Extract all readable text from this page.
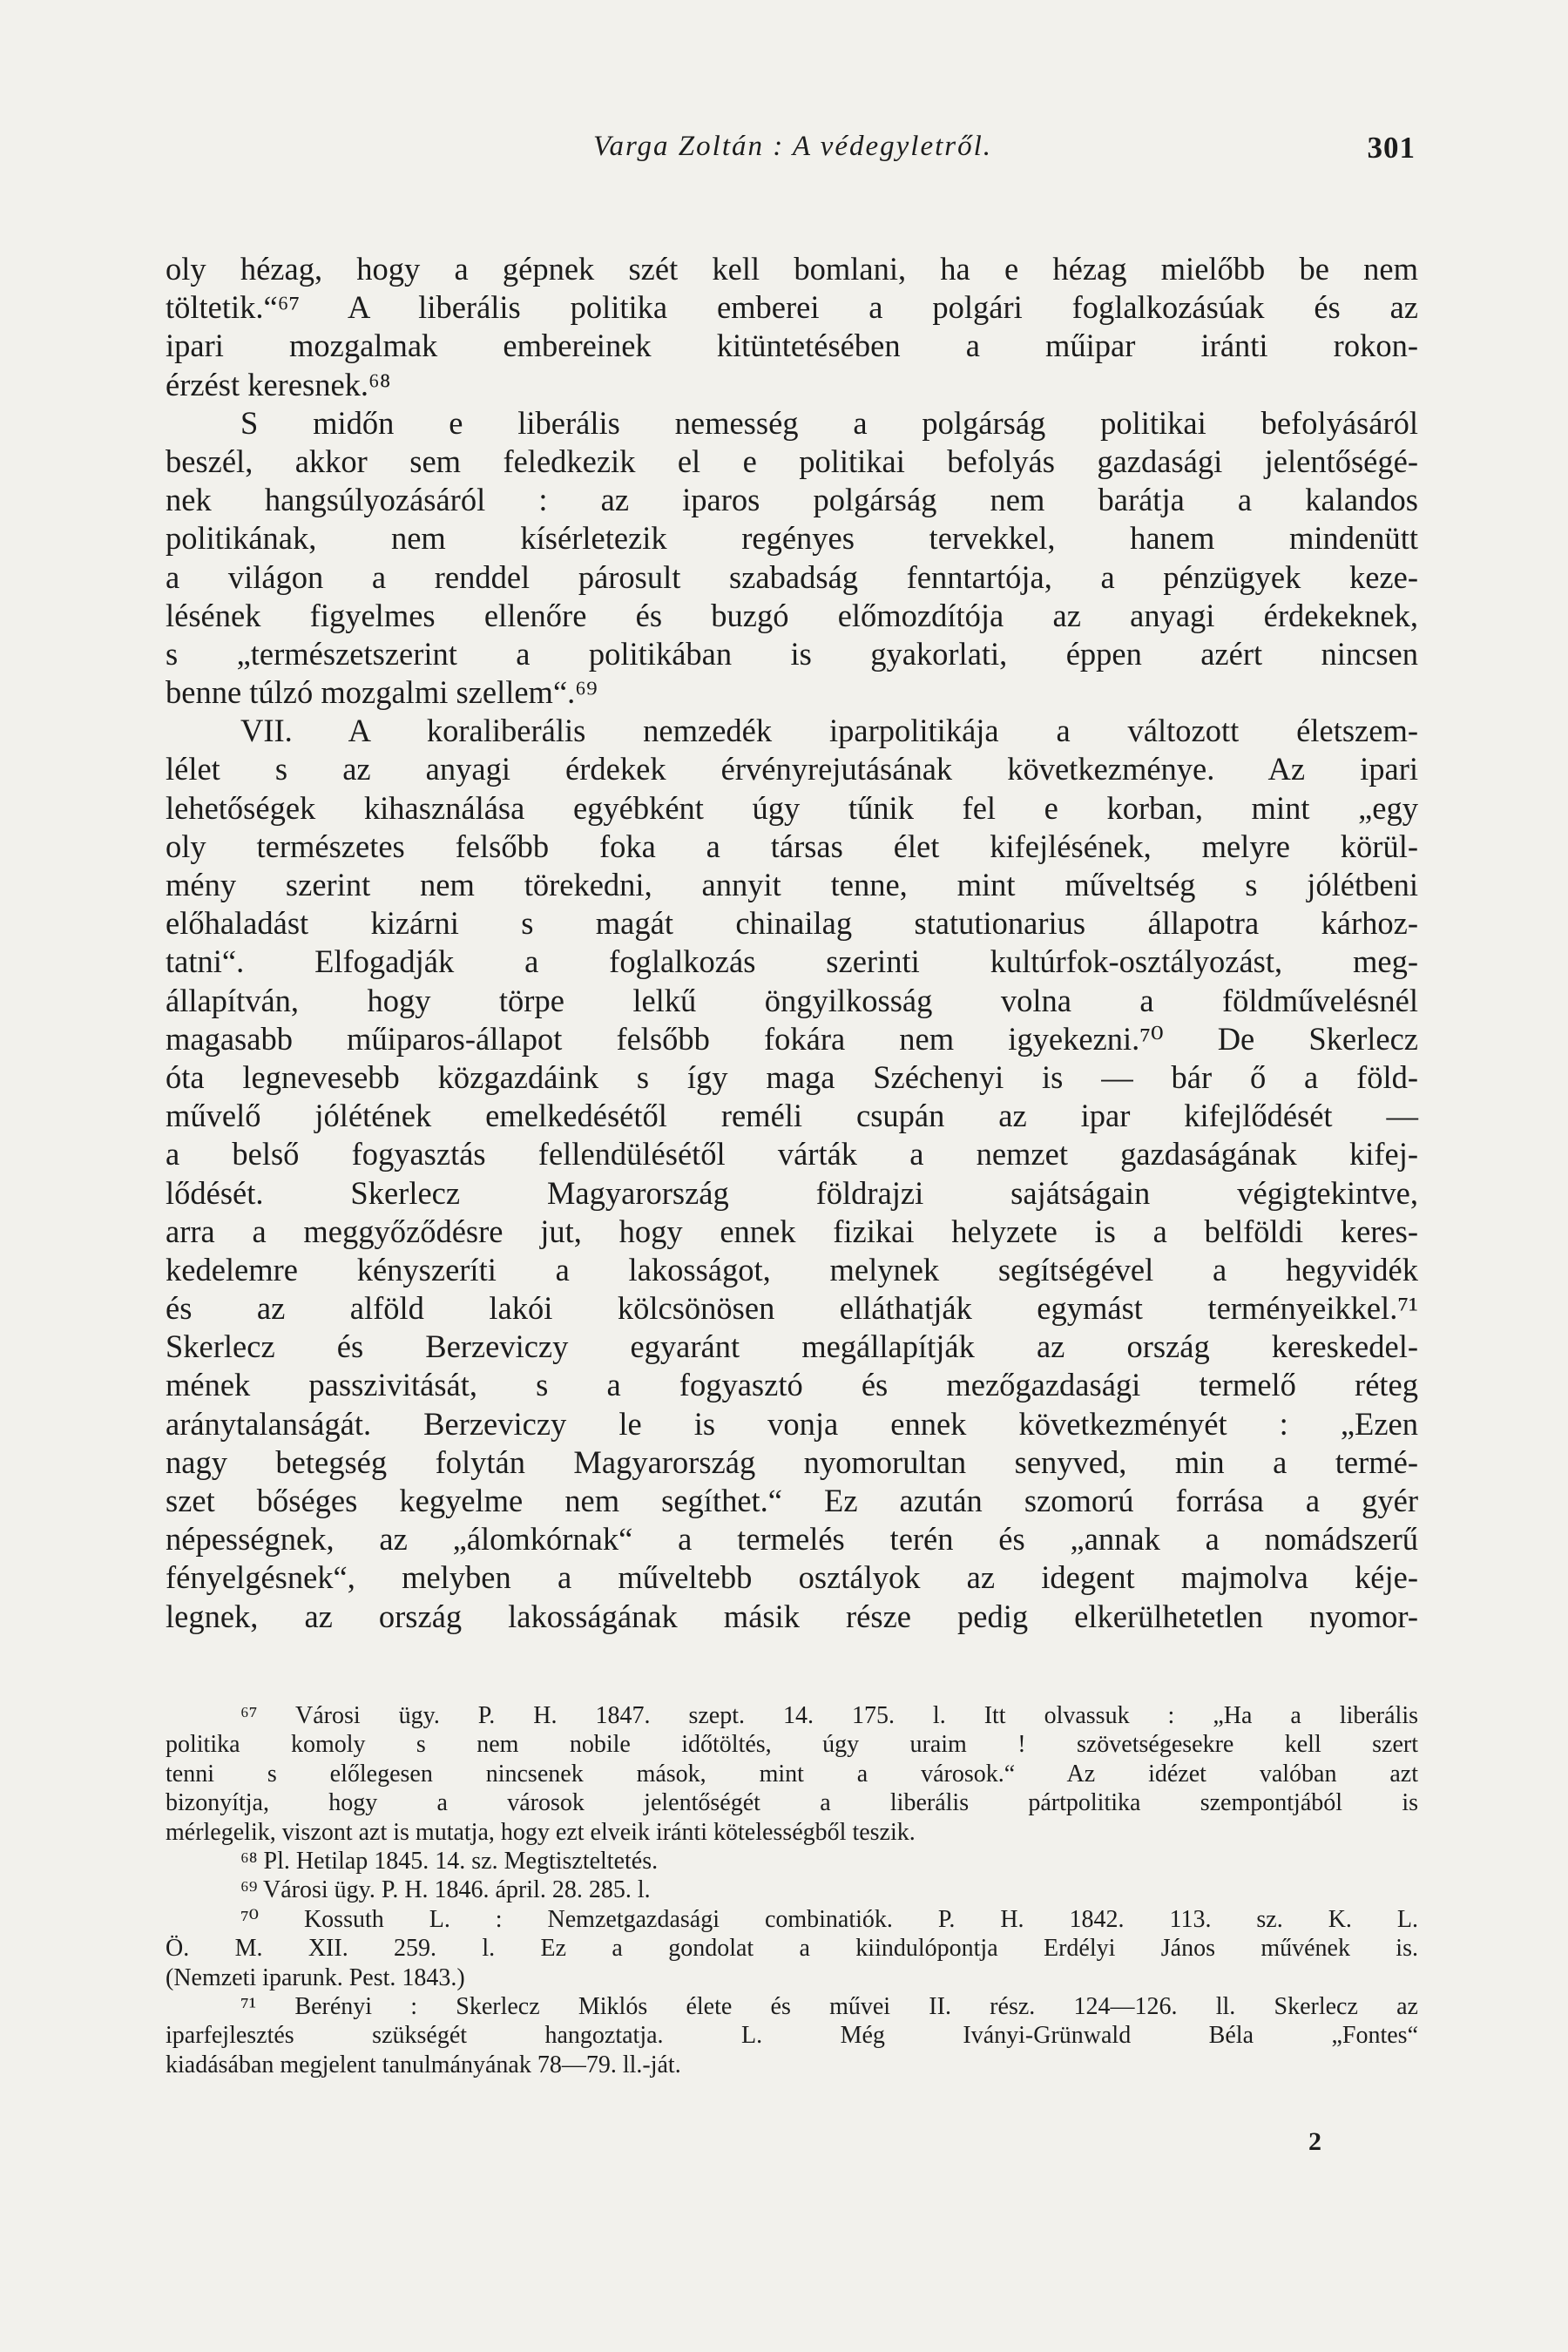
Varga Zoltán : A védegyletről.	301
oly hézag, hogy a gépnek szét kell bomlani, ha e hézag mielőbb be nem
töltetik.“⁶⁷ A liberális politika emberei a polgári foglalkozásúak és az
ipari mozgalmak embereinek kitüntetésében a műipar iránti rokon-
érzést keresnek.⁶⁸
S midőn e liberális nemesség a polgárság politikai befolyásáról
beszél, akkor sem feledkezik el e politikai befolyás gazdasági jelentőségé-
nek hangsúlyozásáról : az iparos polgárság nem barátja a kalandos
politikának, nem kísérletezik regényes tervekkel, hanem mindenütt
a világon a renddel párosult szabadság fenntartója, a pénzügyek keze-
lésének figyelmes ellenőre és buzgó előmozdítója az anyagi érdekeknek,
s „természetszerint a politikában is gyakorlati, éppen azért nincsen
benne túlzó mozgalmi szellem“.⁶⁹
VII. A koraliberális nemzedék iparpolitikája a változott életszem-
lélet s az anyagi érdekek érvényrejutásának következménye. Az ipari
lehetőségek kihasználása egyébként úgy tűnik fel e korban, mint „egy
oly természetes felsőbb foka a társas élet kifejlésének, melyre körül-
mény szerint nem törekedni, annyit tenne, mint műveltség s jólétbeni
előhaladást kizárni s magát chinailag statutionarius állapotra kárhoz-
tatni“. Elfogadják a foglalkozás szerinti kultúrfok-osztályozást, meg-
állapítván, hogy törpe lelkű öngyilkosság volna a földművelésnél
magasabb műiparos-állapot felsőbb fokára nem igyekezni.⁷⁰ De Skerlecz
óta legnevesebb közgazdáink s így maga Széchenyi is — bár ő a föld-
művelő jólétének emelkedésétől reméli csupán az ipar kifejlődését —
a belső fogyasztás fellendülésétől várták a nemzet gazdaságának kifej-
lődését. Skerlecz Magyarország földrajzi sajátságain végigtekintve,
arra a meggyőződésre jut, hogy ennek fizikai helyzete is a belföldi keres-
kedelemre kényszeríti a lakosságot, melynek segítségével a hegyvidék
és az alföld lakói kölcsönösen elláthatják egymást terményeikkel.⁷¹
Skerlecz és Berzeviczy egyaránt megállapítják az ország kereskedel-
mének passzivitását, s a fogyasztó és mezőgazdasági termelő réteg
aránytalanságát. Berzeviczy le is vonja ennek következményét : „Ezen
nagy betegség folytán Magyarország nyomorultan senyved, min a termé-
szet bőséges kegyelme nem segíthet.“ Ez azután szomorú forrása a gyér
népességnek, az „álomkórnak“ a termelés terén és „annak a nomádszerű
fényelgésnek“, melyben a műveltebb osztályok az idegent majmolva kéje-
legnek, az ország lakosságának másik része pedig elkerülhetetlen nyomor-
⁶⁷ Városi ügy. P. H. 1847. szept. 14. 175. l. Itt olvassuk : „Ha a liberális
politika komoly s nem nobile időtöltés, úgy uraim ! szövetségesekre kell szert
tenni s előlegesen nincsenek mások, mint a városok.“ Az idézet valóban azt
bizonyítja, hogy a városok jelentőségét a liberális pártpolitika szempontjából is
mérlegelik, viszont azt is mutatja, hogy ezt elveik iránti kötelességből teszik.
⁶⁸ Pl. Hetilap 1845. 14. sz. Megtiszteltetés.
⁶⁹ Városi ügy. P. H. 1846. ápril. 28. 285. l.
⁷⁰ Kossuth L. : Nemzetgazdasági combinatiók. P. H. 1842. 113. sz. K. L.
Ö. M. XII. 259. l. Ez a gondolat a kiindulópontja Erdélyi János művének is.
(Nemzeti iparunk. Pest. 1843.)
⁷¹ Berényi : Skerlecz Miklós élete és művei II. rész. 124—126. ll. Skerlecz az
iparfejlesztés szükségét hangoztatja. L. Még Iványi-Grünwald Béla „Fontes“
kiadásában megjelent tanulmányának 78—79. ll.-ját.
2
